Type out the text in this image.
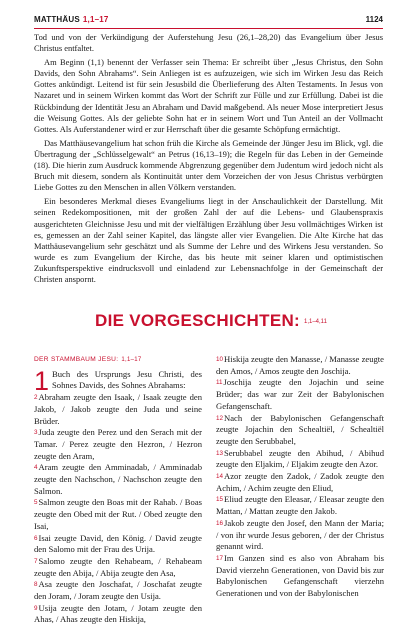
MATTHÄUS 1,1–17	1124

Tod und von der Verkündigung der Auferstehung Jesu (26,1–28,20) das Evangelium über Jesus Christus entfaltet.

Am Beginn (1,1) benennt der Verfasser sein Thema: Er schreibt über „Jesus Christus, den Sohn Davids, den Sohn Abrahams“. Sein Anliegen ist es aufzuzeigen, wie sich im Wirken Jesu das Reich Gottes ankündigt. Leitend ist für sein Jesusbild die Überlieferung des Alten Testaments. In Jesus von Nazaret und in seinem Wirken kommt das Wort der Schrift zur Fülle und zur Erfüllung. Dabei ist die Rückbindung der Identität Jesu an Abraham und David maßgebend. Als neuer Mose interpretiert Jesus die Weisung Gottes. Als der geliebte Sohn hat er in seinem Wort und Tun Anteil an der Vollmacht Gottes. Als Auferstandener wird er zur Herrschaft über die gesamte Schöpfung ermächtigt.

Das Matthäusevangelium hat schon früh die Kirche als Gemeinde der Jünger Jesu im Blick, vgl. die Übertragung der „Schlüsselgewalt“ an Petrus (16,13–19); die Regeln für das Leben in der Gemeinde (18). Die hierin zum Ausdruck kommende Abgrenzung gegenüber dem Judentum wird jedoch nicht als Bruch mit diesem, sondern als Kontinuität unter dem Vorzeichen der von Jesus Christus verbürgten Liebe Gottes zu den Menschen in allen Völkern verstanden.

Ein besonderes Merkmal dieses Evangeliums liegt in der Anschaulichkeit der Darstellung. Mit seinen Redekompositionen, mit der großen Zahl der auf die Lebens- und Glaubenspraxis ausgerichteten Gleichnisse Jesu und mit der vielfältigen Erzählung über Jesu vollmächtiges Wirken ist es, gemessen an der Zahl seiner Kapitel, das längste aller vier Evangelien. Die Alte Kirche hat das Matthäusevangelium sehr geschätzt und als Summe der Lehre und des Wirkens Jesu verstanden. So wurde es zum Evangelium der Kirche, das bis heute mit seiner klaren und optimistischen Zukunftsperspektive eindrucksvoll und einladend zur Lebensnachfolge in der Gemeinschaft der Christen anspornt.

DIE VORGESCHICHTEN: 1,1–4,11
DER STAMMBAUM JESU: 1,1–17
1 Buch des Ursprungs Jesu Christi, des Sohnes Davids, des Sohnes Abrahams:

2Abraham zeugte den Isaak, / Isaak zeugte den Jakob, / Jakob zeugte den Juda und seine Brüder.

3Juda zeugte den Perez und den Serach mit der Tamar. / Perez zeugte den Hezron, / Hezron zeugte den Aram,

4Aram zeugte den Amminadab, / Amminadab zeugte den Nachschon, / Nachschon zeugte den Salmon.

5Salmon zeugte den Boas mit der Rahab. / Boas zeugte den Obed mit der Rut. / Obed zeugte den Isai,

6Isai zeugte David, den König. / David zeugte den Salomo mit der Frau des Urija.

7Salomo zeugte den Rehabeam, / Rehabeam zeugte den Abija, / Abija zeugte den Asa,

8Asa zeugte den Joschafat, / Joschafat zeugte den Joram, / Joram zeugte den Usija.

9Usija zeugte den Jotam, / Jotam zeugte den Ahas, / Ahas zeugte den Hiskija,

10Hiskija zeugte den Manasse, / Manasse zeugte den Amos, / Amos zeugte den Joschija.

11Joschija zeugte den Jojachin und seine Brüder; das war zur Zeit der Babylonischen Gefangenschaft.

12Nach der Babylonischen Gefangenschaft zeugte Jojachin den Schealtiël, / Schealtiël zeugte den Serubbabel,

13Serubbabel zeugte den Abihud, / Abihud zeugte den Eljakim, / Eljakim zeugte den Azor.

14Azor zeugte den Zadok, / Zadok zeugte den Achim, / Achim zeugte den Eliud,

15Eliud zeugte den Eleasar, / Eleasar zeugte den Mattan, / Mattan zeugte den Jakob.

16Jakob zeugte den Josef, den Mann der Maria; / von ihr wurde Jesus geboren, / der der Christus genannt wird.

17Im Ganzen sind es also von Abraham bis David vierzehn Generationen, von David bis zur Babylonischen Gefangenschaft vierzehn Generationen und von der Babylonischen
